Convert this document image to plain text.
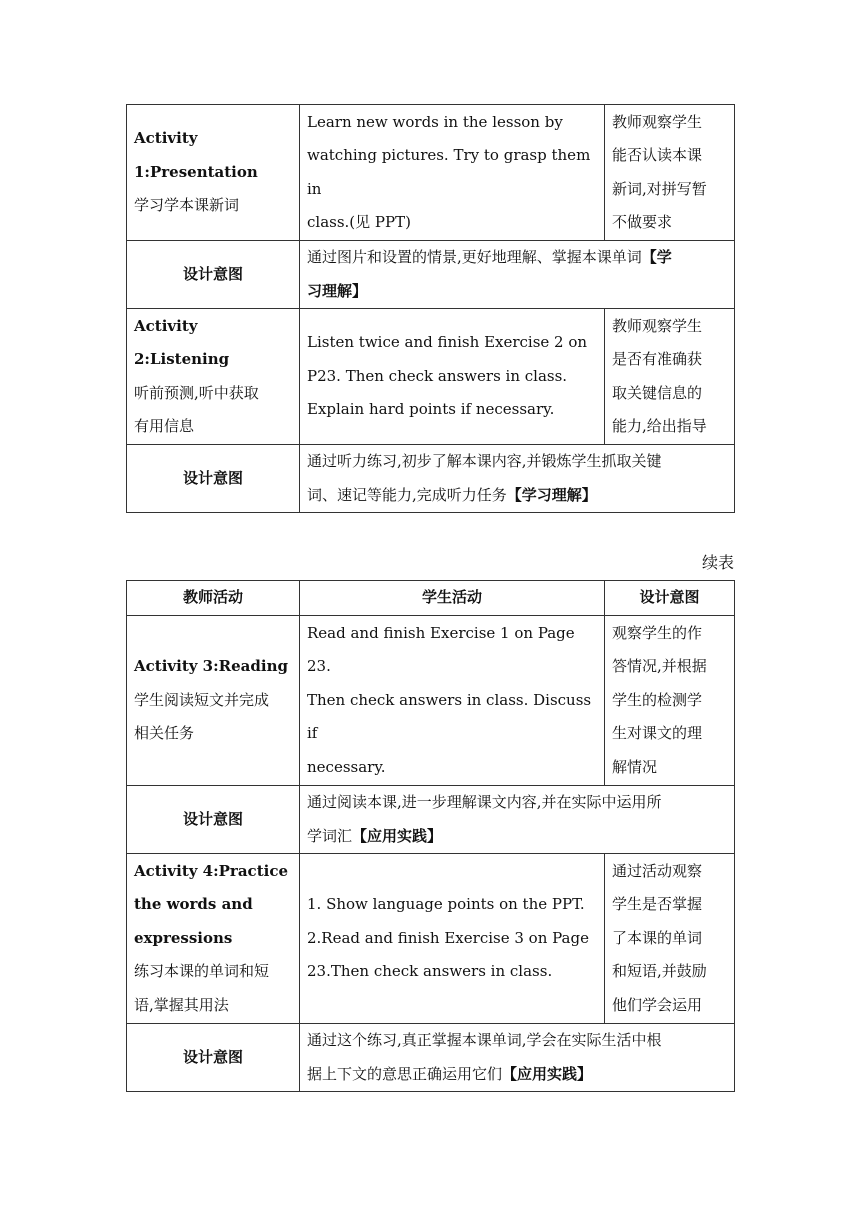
Activity
1:Presentation
学习学本课新词	Learn new words in the lesson by
watching pictures. Try to grasp them in
class.(见 PPT)	教师观察学生
能否认读本课
新词,对拼写暂
不做要求

设计意图	通过图片和设置的情景,更好地理解、掌握本课单词【学
习理解】	

Activity 2:Listening
听前预测,听中获取
有用信息	Listen twice and finish Exercise 2 on
P23. Then check answers in class.
Explain hard points if necessary.	教师观察学生
是否有准确获
取关键信息的
能力,给出指导

设计意图	通过听力练习,初步了解本课内容,并锻炼学生抓取关键
词、速记等能力,完成听力任务【学习理解】	
续表
教师活动	学生活动	设计意图

Activity 3:Reading
学生阅读短文并完成
相关任务	Read and finish Exercise 1 on Page 23.
Then check answers in class. Discuss if
necessary.	观察学生的作
答情况,并根据
学生的检测学
生对课文的理
解情况

设计意图	通过阅读本课,进一步理解课文内容,并在实际中运用所
学词汇【应用实践】	

Activity 4:Practice
the words and
expressions
练习本课的单词和短
语,掌握其用法	1. Show language points on the PPT.
2.Read and finish Exercise 3 on Page
23.Then check answers in class.	通过活动观察
学生是否掌握
了本课的单词
和短语,并鼓励
他们学会运用

设计意图	通过这个练习,真正掌握本课单词,学会在实际生活中根
据上下文的意思正确运用它们【应用实践】	
